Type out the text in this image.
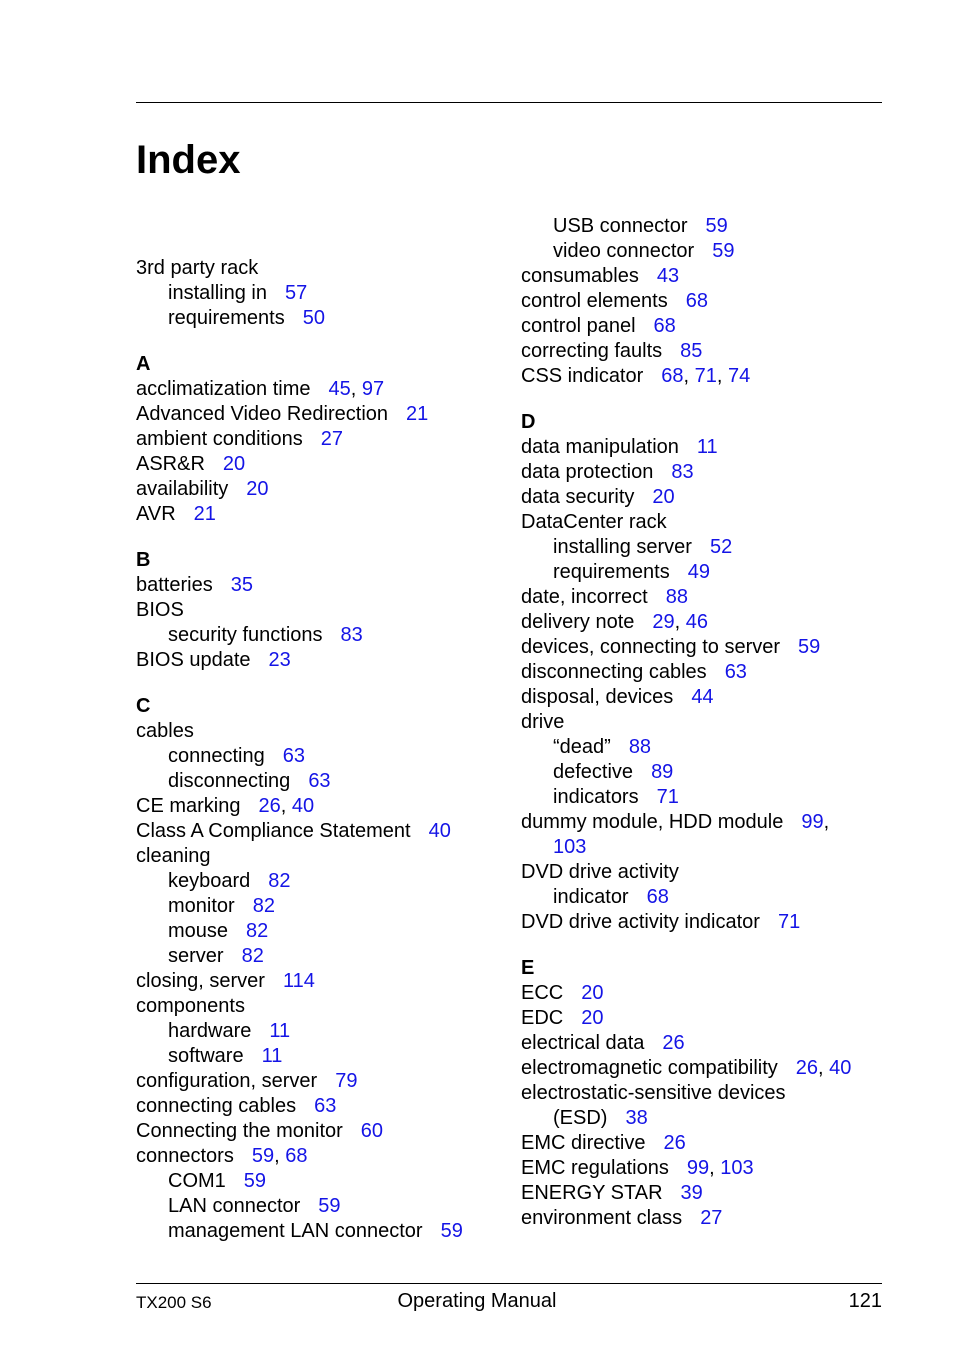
Index
3rd party rack
installing in 57
requirements 50
A
acclimatization time 45, 97
Advanced Video Redirection 21
ambient conditions 27
ASR&R 20
availability 20
AVR 21
B
batteries 35
BIOS
security functions 83
BIOS update 23
C
cables
connecting 63
disconnecting 63
CE marking 26, 40
Class A Compliance Statement 40
cleaning
keyboard 82
monitor 82
mouse 82
server 82
closing, server 114
components
hardware 11
software 11
configuration, server 79
connecting cables 63
Connecting the monitor 60
connectors 59, 68
COM1 59
LAN connector 59
management LAN connector 59
USB connector 59
video connector 59
consumables 43
control elements 68
control panel 68
correcting faults 85
CSS indicator 68, 71, 74
D
data manipulation 11
data protection 83
data security 20
DataCenter rack
installing server 52
requirements 49
date, incorrect 88
delivery note 29, 46
devices, connecting to server 59
disconnecting cables 63
disposal, devices 44
drive
“dead” 88
defective 89
indicators 71
dummy module, HDD module 99,
103
DVD drive activity
indicator 68
DVD drive activity indicator 71
E
ECC 20
EDC 20
electrical data 26
electromagnetic compatibility 26, 40
electrostatic-sensitive devices
(ESD) 38
EMC directive 26
EMC regulations 99, 103
ENERGY STAR 39
environment class 27
TX200 S6	Operating Manual	121
